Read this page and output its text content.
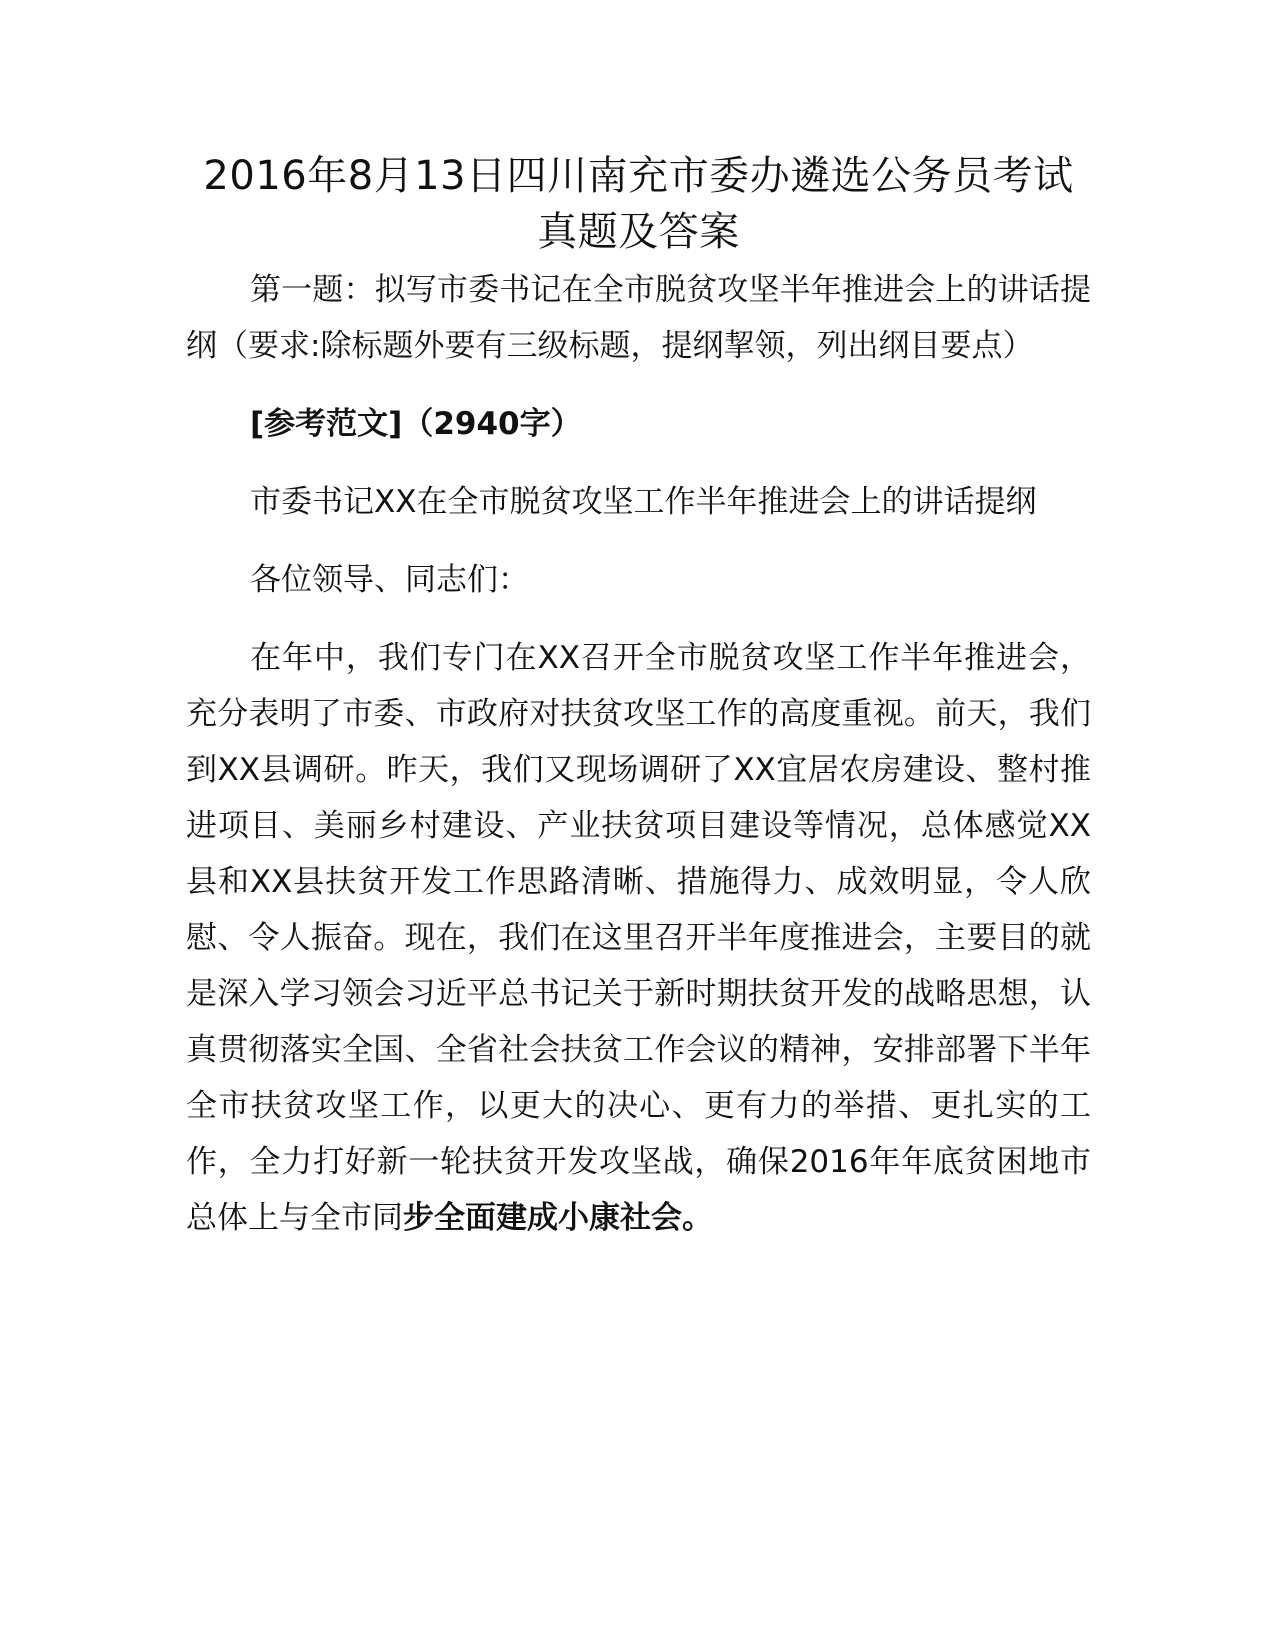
2016年8月13日四川南充市委办遴选公务员考试真题及答案

第一题：拟写市委书记在全市脱贫攻坚半年推进会上的讲话提纲（要求:除标题外要有三级标题，提纲挈领，列出纲目要点）

[参考范文]（2940字）

市委书记XX在全市脱贫攻坚工作半年推进会上的讲话提纲

各位领导、同志们：

在年中，我们专门在XX召开全市脱贫攻坚工作半年推进会，充分表明了市委、市政府对扶贫攻坚工作的高度重视。前天，我们到XX县调研。昨天，我们又现场调研了XX宜居农房建设、整村推进项目、美丽乡村建设、产业扶贫项目建设等情况，总体感觉XX县和XX县扶贫开发工作思路清晰、措施得力、成效明显，令人欣慰、令人振奋。现在，我们在这里召开半年度推进会，主要目的就是深入学习领会习近平总书记关于新时期扶贫开发的战略思想，认真贯彻落实全国、全省社会扶贫工作会议的精神，安排部署下半年全市扶贫攻坚工作，以更大的决心、更有力的举措、更扎实的工作，全力打好新一轮扶贫开发攻坚战，确保2016年年底贫困地市总体上与全市同步全面建成小康社会。
